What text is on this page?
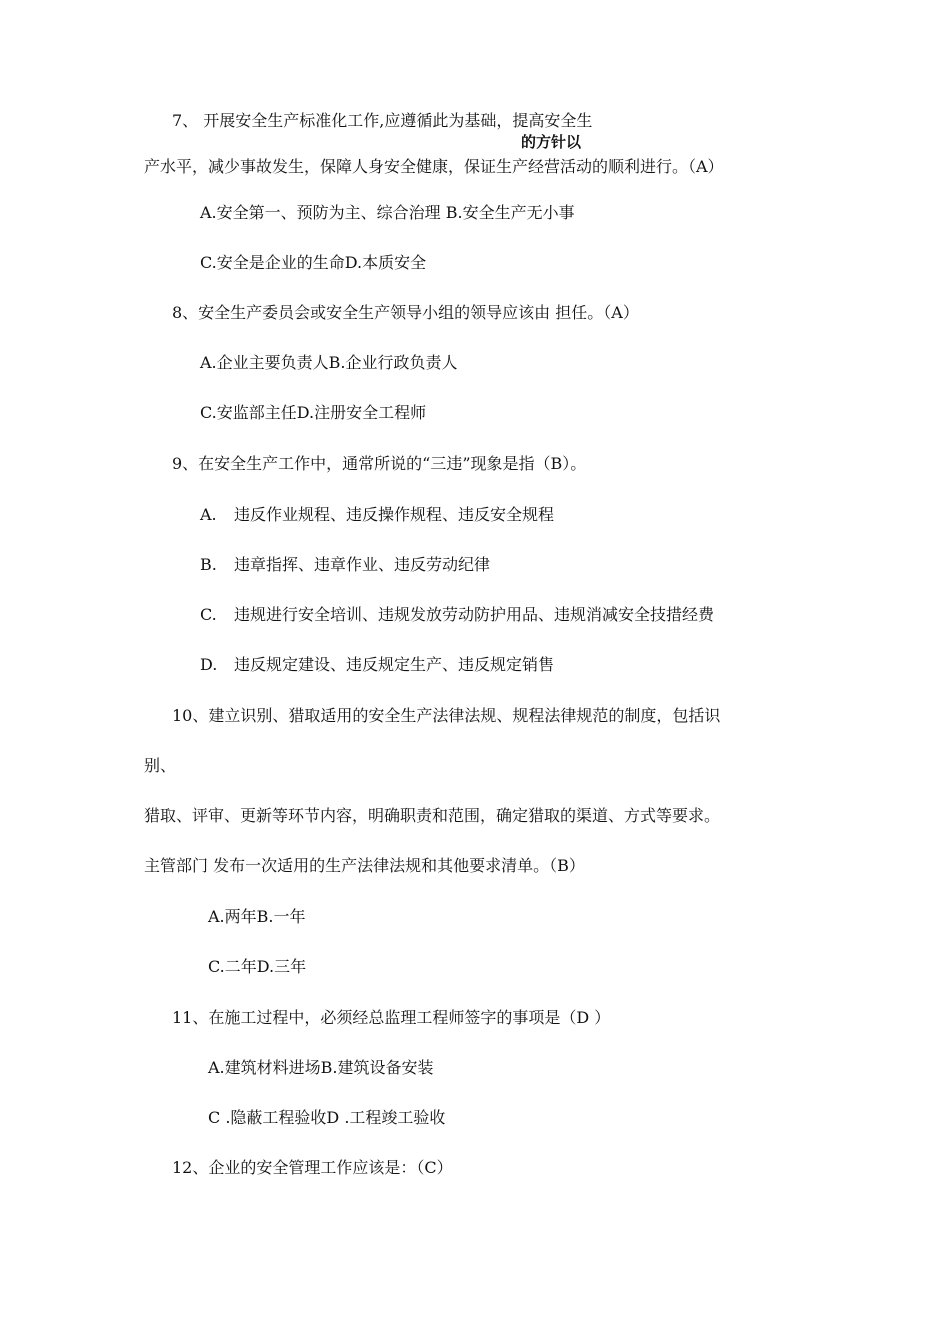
7、 开展安全生产标准化工作,应遵循此为基础，提高安全生
的方针以
产水平，减少事故发生，保障人身安全健康，保证生产经营活动的顺利进行。（A）
A.安全第一、预防为主、综合治理 B.安全生产无小事
C.安全是企业的生命D.本质安全
8、安全生产委员会或安全生产领导小组的领导应该由 担任。（A）
A.企业主要负责人B.企业行政负责人
C.安监部主任D.注册安全工程师
9、在安全生产工作中，通常所说的“三违”现象是指（B）。
A. 违反作业规程、违反操作规程、违反安全规程
B. 违章指挥、违章作业、违反劳动纪律
C. 违规进行安全培训、违规发放劳动防护用品、违规消减安全技措经费
D. 违反规定建设、违反规定生产、违反规定销售
10、建立识别、猎取适用的安全生产法律法规、规程法律规范的制度，包括识
别、
猎取、评审、更新等环节内容，明确职责和范围，确定猎取的渠道、方式等要求。
主管部门 发布一次适用的生产法律法规和其他要求清单。（B）
A.两年B.一年
C.二年D.三年
11、在施工过程中，必须经总监理工程师签字的事项是（D ）
A.建筑材料进场B.建筑设备安装
C .隐蔽工程验收D .工程竣工验收
12、企业的安全管理工作应该是：（C）
